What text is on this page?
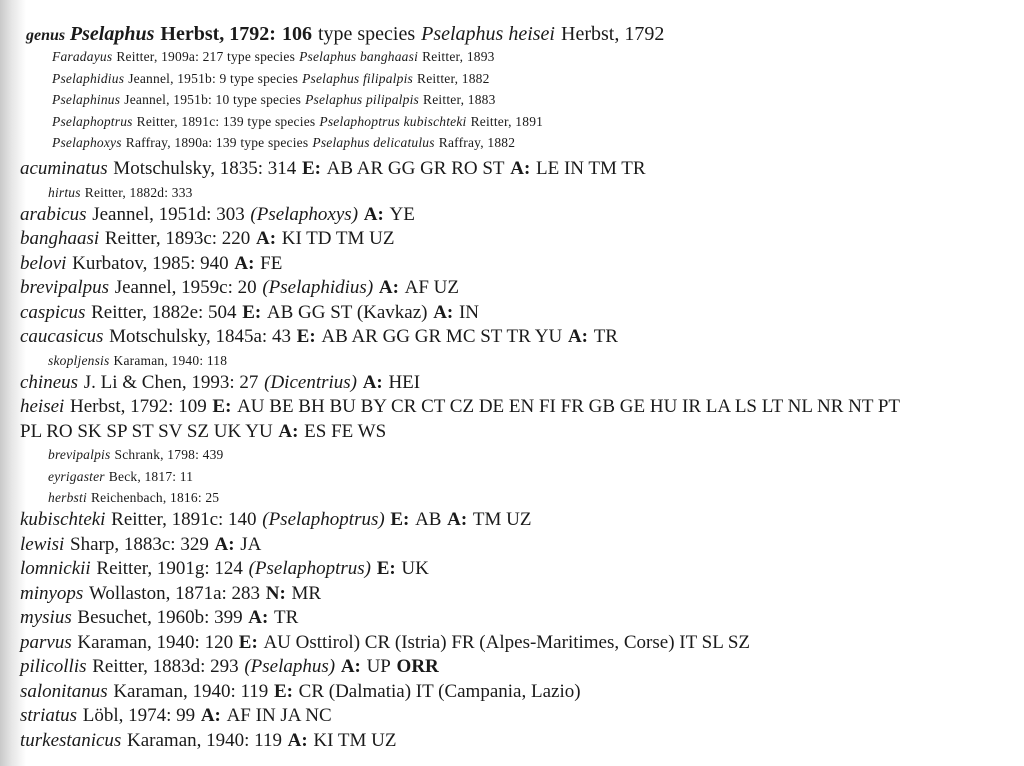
genus Pselaphus Herbst, 1792: 106 type species Pselaphus heisei Herbst, 1792
Faradayus Reitter, 1909a: 217 type species Pselaphus banghaasi Reitter, 1893
Pselaphidius Jeannel, 1951b: 9 type species Pselaphus filipalpis Reitter, 1882
Pselaphinus Jeannel, 1951b: 10 type species Pselaphus pilipalpis Reitter, 1883
Pselaphoptrus Reitter, 1891c: 139 type species Pselaphoptrus kubischteki Reitter, 1891
Pselaphoxys Raffray, 1890a: 139 type species Pselaphus delicatulus Raffray, 1882
acuminatus Motschulsky, 1835: 314 E: AB AR GG GR RO ST A: LE IN TM TR
hirtus Reitter, 1882d: 333
arabicus Jeannel, 1951d: 303 (Pselaphoxys) A: YE
banghaasi Reitter, 1893c: 220 A: KI TD TM UZ
belovi Kurbatov, 1985: 940 A: FE
brevipalpus Jeannel, 1959c: 20 (Pselaphidius) A: AF UZ
caspicus Reitter, 1882e: 504 E: AB GG ST (Kavkaz) A: IN
caucasicus Motschulsky, 1845a: 43 E: AB AR GG GR MC ST TR YU A: TR
skopljensis Karaman, 1940: 118
chineus J. Li & Chen, 1993: 27 (Dicentrius) A: HEI
heisei Herbst, 1792: 109 E: AU BE BH BU BY CR CT CZ DE EN FI FR GB GE HU IR LA LS LT NL NR NT PT
PL RO SK SP ST SV SZ UK YU A: ES FE WS
brevipalpis Schrank, 1798: 439
eyrigaster Beck, 1817: 11
herbsti Reichenbach, 1816: 25
kubischteki Reitter, 1891c: 140 (Pselaphoptrus) E: AB A: TM UZ
lewisi Sharp, 1883c: 329 A: JA
lomnickii Reitter, 1901g: 124 (Pselaphoptrus) E: UK
minyops Wollaston, 1871a: 283 N: MR
mysius Besuchet, 1960b: 399 A: TR
parvus Karaman, 1940: 120 E: AU Osttirol) CR (Istria) FR (Alpes-Maritimes, Corse) IT SL SZ
pilicollis Reitter, 1883d: 293 (Pselaphus) A: UP ORR
salonitanus Karaman, 1940: 119 E: CR (Dalmatia) IT (Campania, Lazio)
striatus Löbl, 1974: 99 A: AF IN JA NC
turkestanicus Karaman, 1940: 119 A: KI TM UZ
